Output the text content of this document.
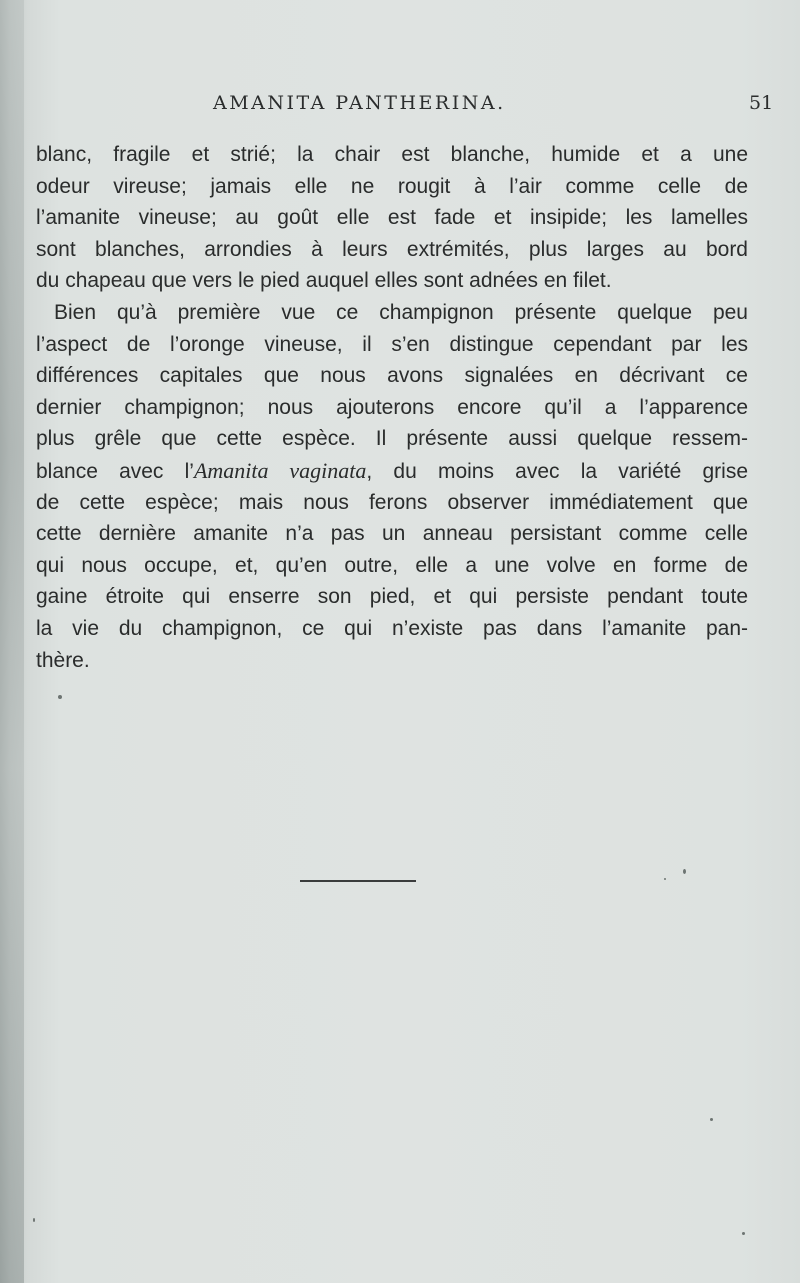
AMANITA PANTHERINA.	51
blanc, fragile et strié; la chair est blanche, humide et a une
odeur vireuse; jamais elle ne rougit à l’air comme celle de
l’amanite vineuse; au goût elle est fade et insipide; les lamelles
sont blanches, arrondies à leurs extrémités, plus larges au bord
du chapeau que vers le pied auquel elles sont adnées en filet.
Bien qu’à première vue ce champignon présente quelque peu
l’aspect de l’oronge vineuse, il s’en distingue cependant par les
différences capitales que nous avons signalées en décrivant ce
dernier champignon; nous ajouterons encore qu’il a l’apparence
plus grêle que cette espèce. Il présente aussi quelque ressem-
blance avec l’Amanita vaginata, du moins avec la variété grise
de cette espèce; mais nous ferons observer immédiatement que
cette dernière amanite n’a pas un anneau persistant comme celle
qui nous occupe, et, qu’en outre, elle a une volve en forme de
gaine étroite qui enserre son pied, et qui persiste pendant toute
la vie du champignon, ce qui n’existe pas dans l’amanite pan-
thère.
